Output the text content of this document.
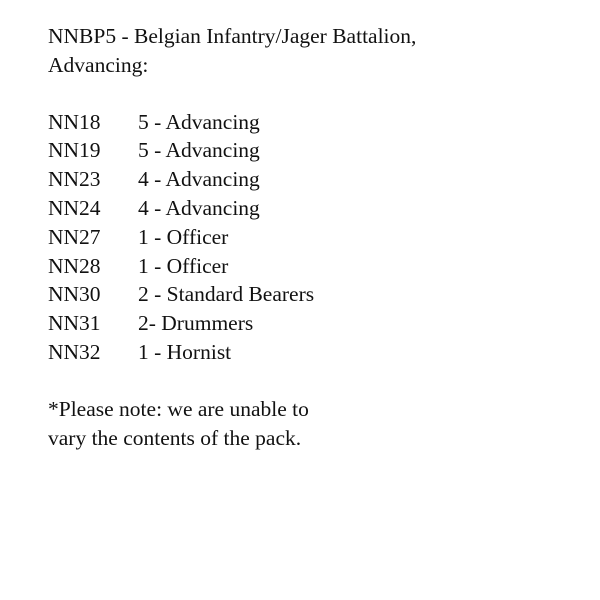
NNBP5 - Belgian Infantry/Jager Battalion,
Advancing:
NN18	5 - Advancing
NN19	5 - Advancing
NN23	4 - Advancing
NN24	4 - Advancing
NN27	1 - Officer
NN28	1 - Officer
NN30	2 - Standard Bearers
NN31	2- Drummers
NN32	1 - Hornist
*Please note: we are unable to
vary the contents of the pack.
